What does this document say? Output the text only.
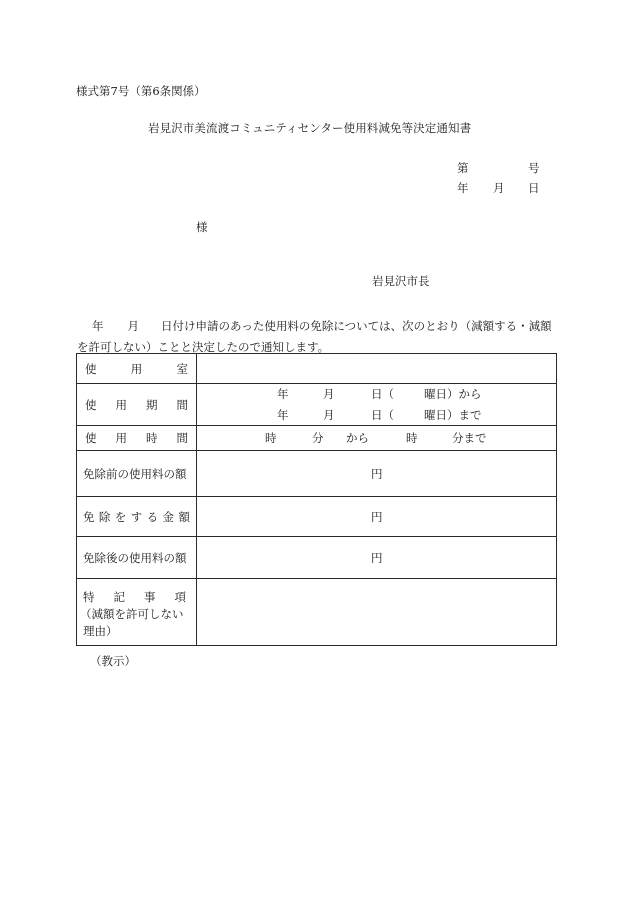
様式第7号（第6条関係）
岩見沢市美流渡コミュニティセンター使用料減免等決定通知書
第	号
年 月 日
様
岩見沢市長
年 月 日付け申請のあった使用料の免除については、次のとおり（減額する・減額
を許可しない）ことと決定したので通知します。
使	用	室
使 用 期 間
年	月	日（	曜日）から
年	月	日（	曜日）まで
使 用 時 間	時	分 から	時	分まで
免除前の使用料の額	円
免 除 を す る 金 額	円
免除後の使用料の額	円
特 記 事 項
（減額を許可しない
理由）
（教示）
